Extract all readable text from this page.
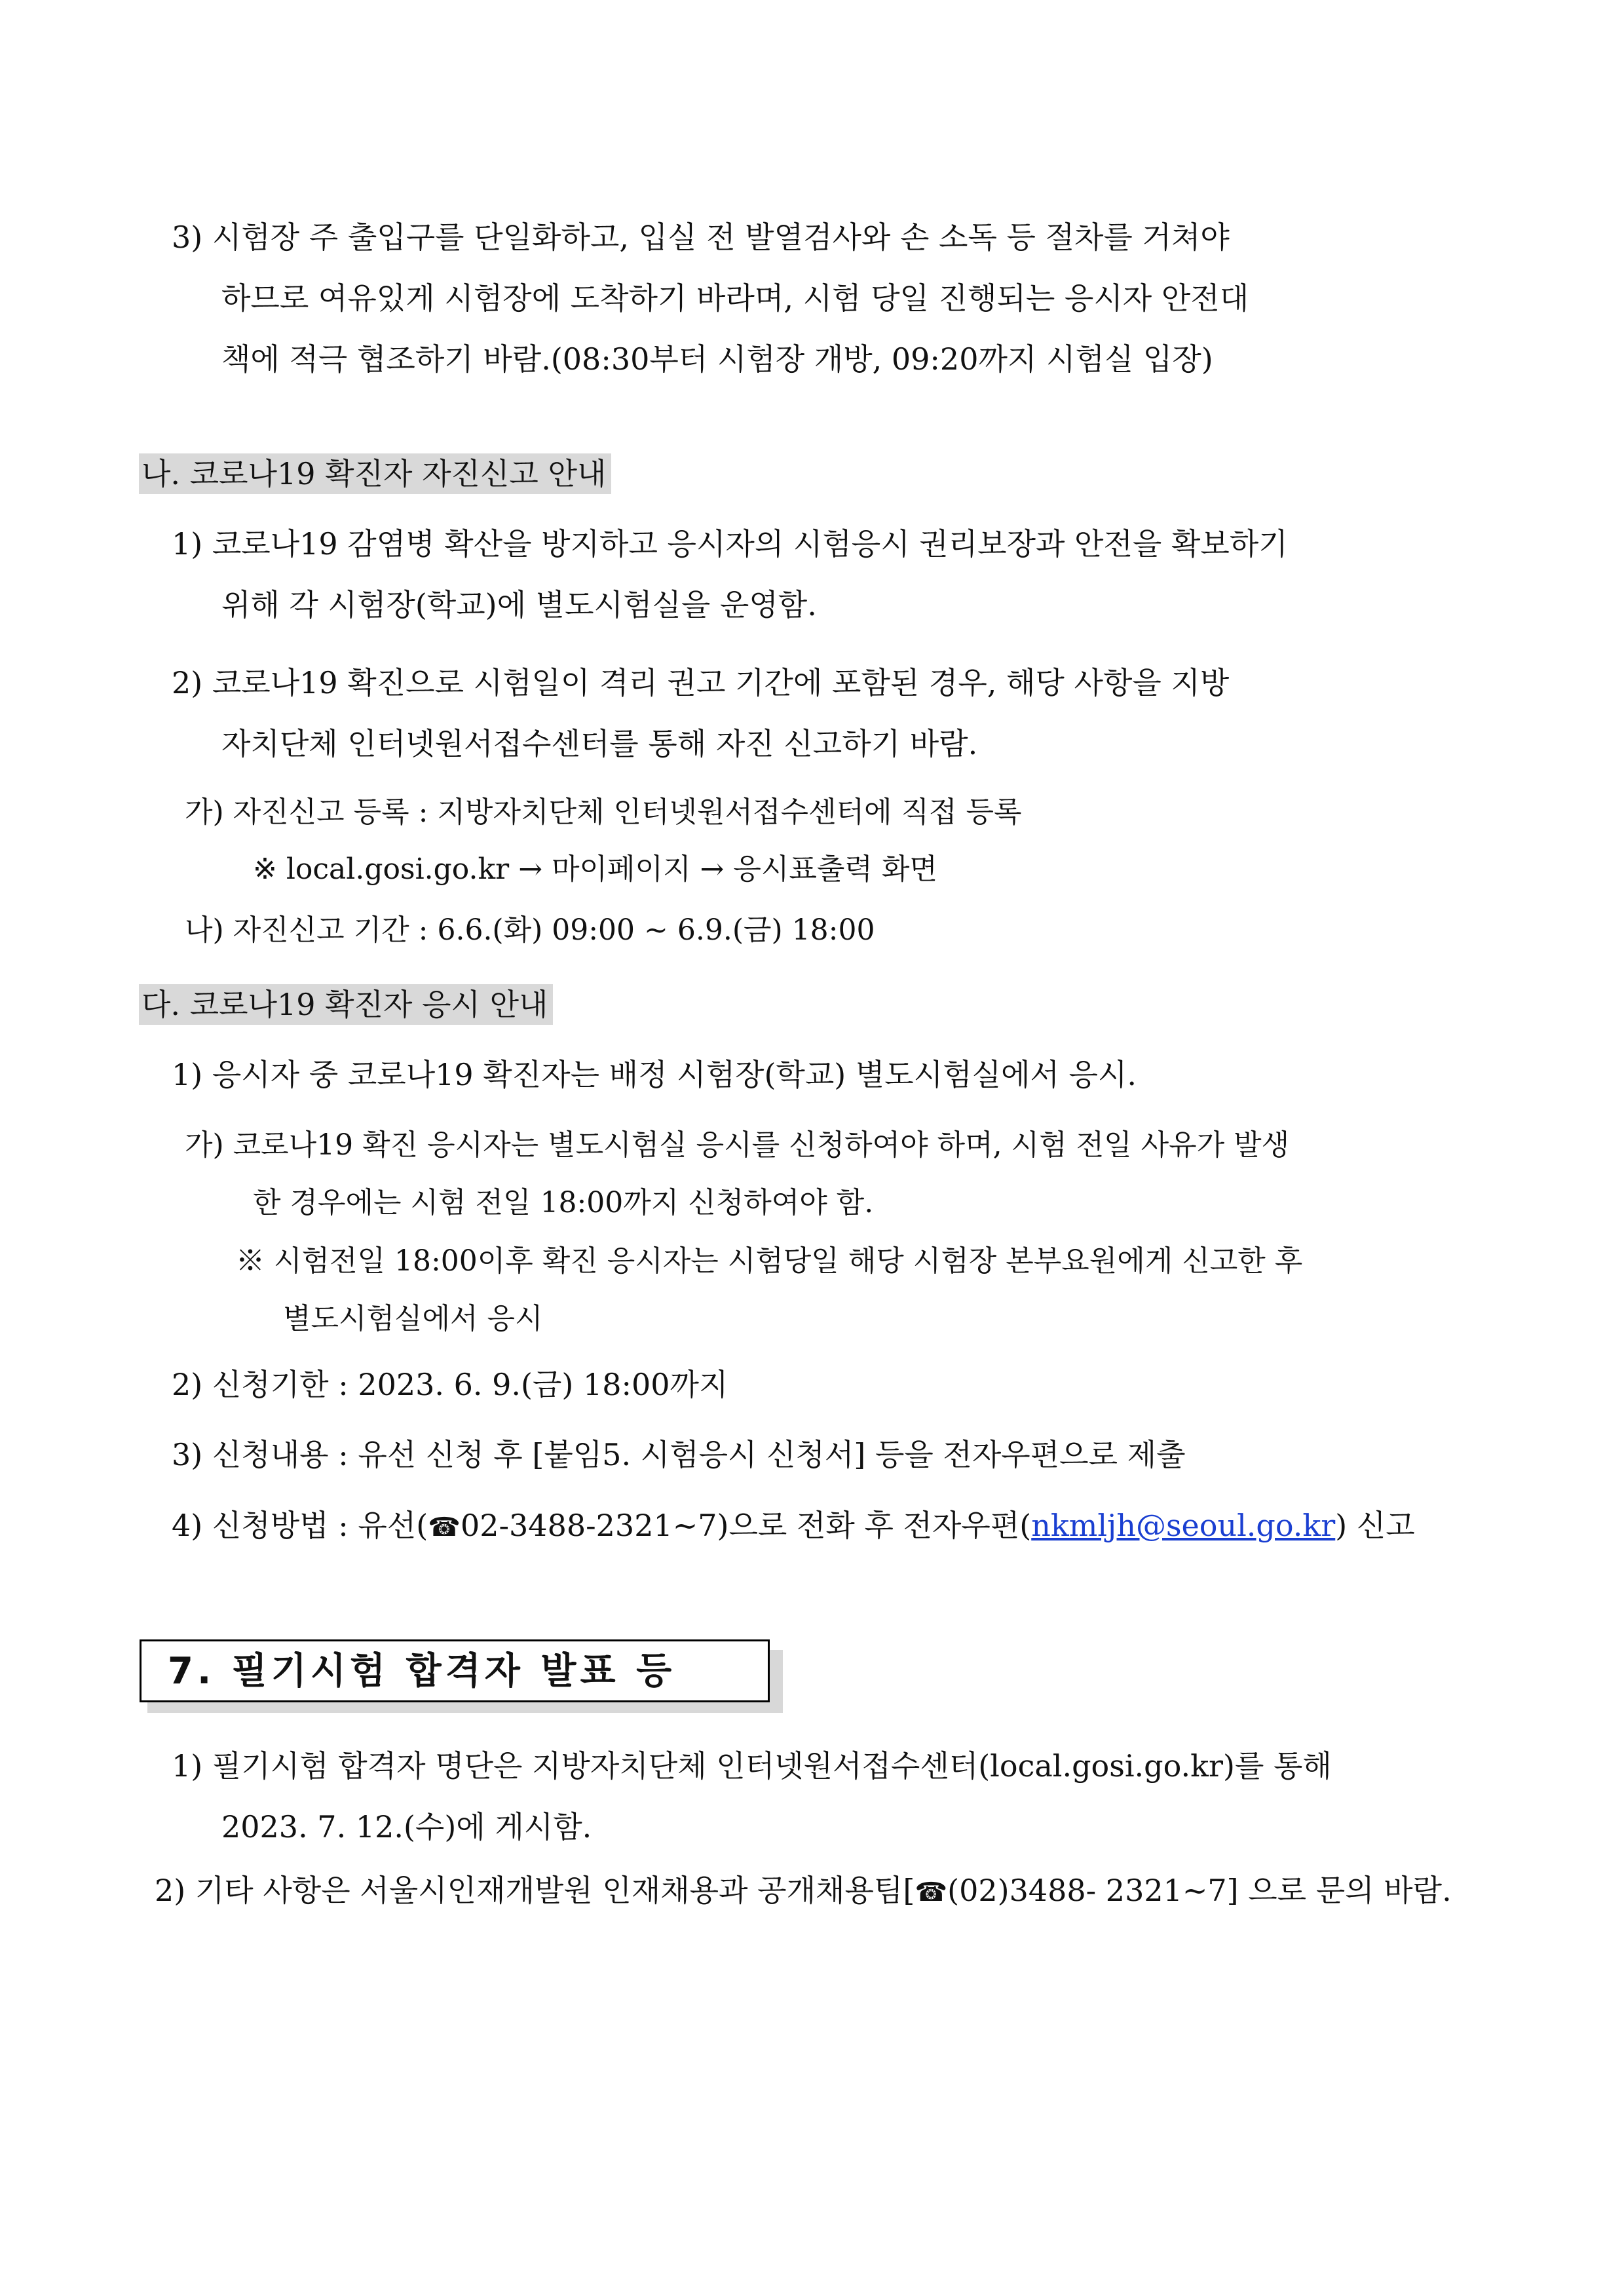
3) 시험장 주 출입구를 단일화하고, 입실 전 발열검사와 손 소독 등 절차를 거쳐야
하므로 여유있게 시험장에 도착하기 바라며, 시험 당일 진행되는 응시자 안전대
책에 적극 협조하기 바람.(08:30부터 시험장 개방, 09:20까지 시험실 입장)
나. 코로나19 확진자 자진신고 안내
1) 코로나19 감염병 확산을 방지하고 응시자의 시험응시 권리보장과 안전을 확보하기
위해 각 시험장(학교)에 별도시험실을 운영함.
2) 코로나19 확진으로 시험일이 격리 권고 기간에 포함된 경우, 해당 사항을 지방
자치단체 인터넷원서접수센터를 통해 자진 신고하기 바람.
가) 자진신고 등록 : 지방자치단체 인터넷원서접수센터에 직접 등록
※ local.gosi.go.kr → 마이페이지 → 응시표출력 화면
나) 자진신고 기간 : 6.6.(화) 09:00 ~ 6.9.(금) 18:00
다. 코로나19 확진자 응시 안내
1) 응시자 중 코로나19 확진자는 배정 시험장(학교) 별도시험실에서 응시.
가) 코로나19 확진 응시자는 별도시험실 응시를 신청하여야 하며, 시험 전일 사유가 발생
한 경우에는 시험 전일 18:00까지 신청하여야 함.
※ 시험전일 18:00이후 확진 응시자는 시험당일 해당 시험장 본부요원에게 신고한 후
별도시험실에서 응시
2) 신청기한 : 2023. 6. 9.(금) 18:00까지
3) 신청내용 : 유선 신청 후 [붙임5. 시험응시 신청서] 등을 전자우편으로 제출
4) 신청방법 : 유선(☎02-3488-2321~7)으로 전화 후 전자우편(nkmljh@seoul.go.kr) 신고
7. 필기시험 합격자 발표 등
1) 필기시험 합격자 명단은 지방자치단체 인터넷원서접수센터(local.gosi.go.kr)를 통해
2023. 7. 12.(수)에 게시함.
2) 기타 사항은 서울시인재개발원 인재채용과 공개채용팀[☎(02)3488- 2321~7] 으로 문의 바람.
